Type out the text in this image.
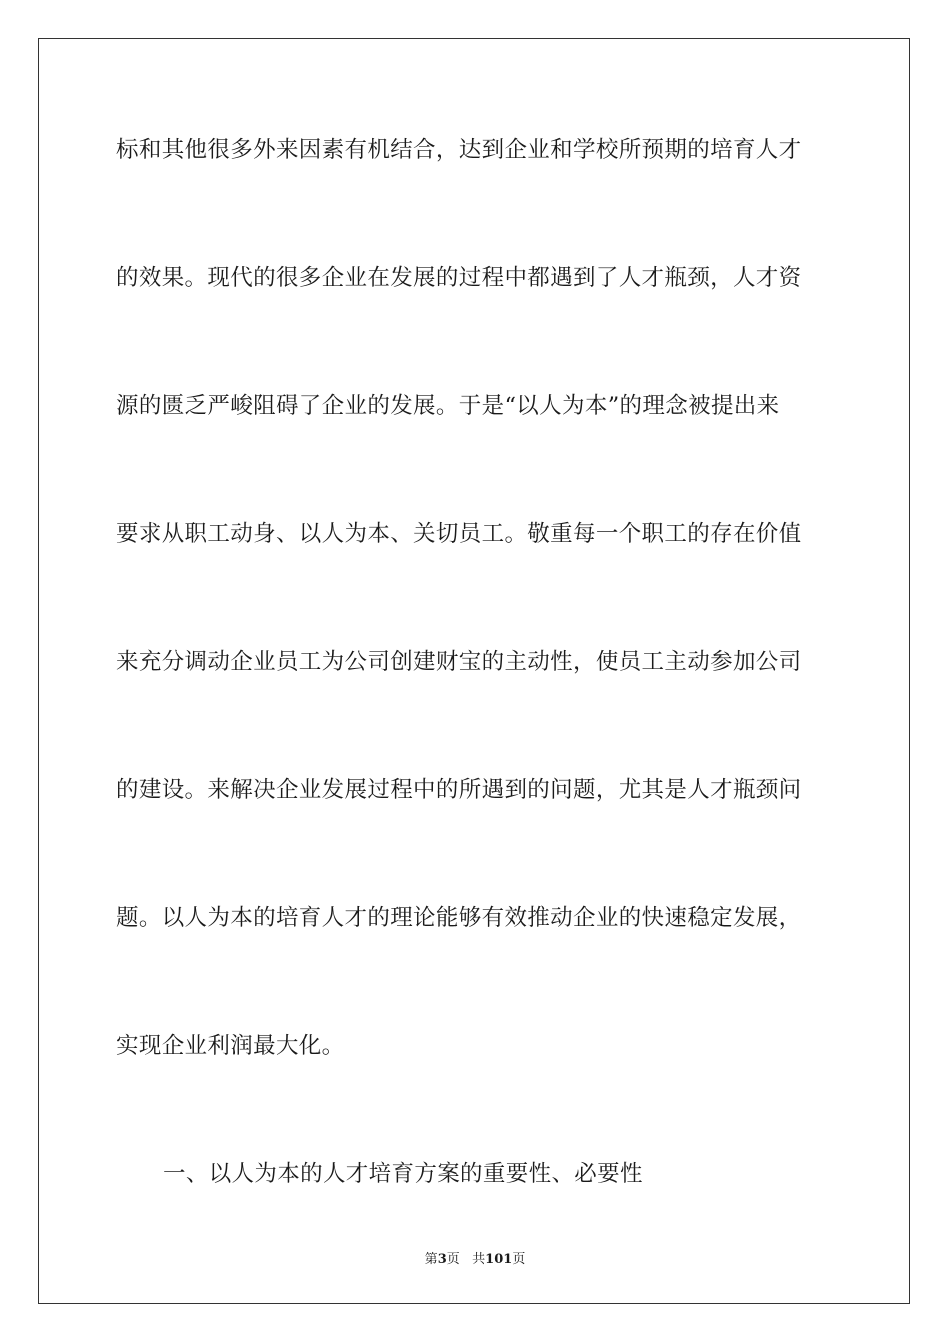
标和其他很多外来因素有机结合，达到企业和学校所预期的培育人才
的效果。现代的很多企业在发展的过程中都遇到了人才瓶颈，人才资
源的匮乏严峻阻碍了企业的发展。于是“以人为本”的理念被提出来
要求从职工动身、以人为本、关切员工。敬重每一个职工的存在价值
来充分调动企业员工为公司创建财宝的主动性，使员工主动参加公司
的建设。来解决企业发展过程中的所遇到的问题，尤其是人才瓶颈问
题。以人为本的培育人才的理论能够有效推动企业的快速稳定发展，
实现企业利润最大化。
一、以人为本的人才培育方案的重要性、必要性
第3页 共101页
